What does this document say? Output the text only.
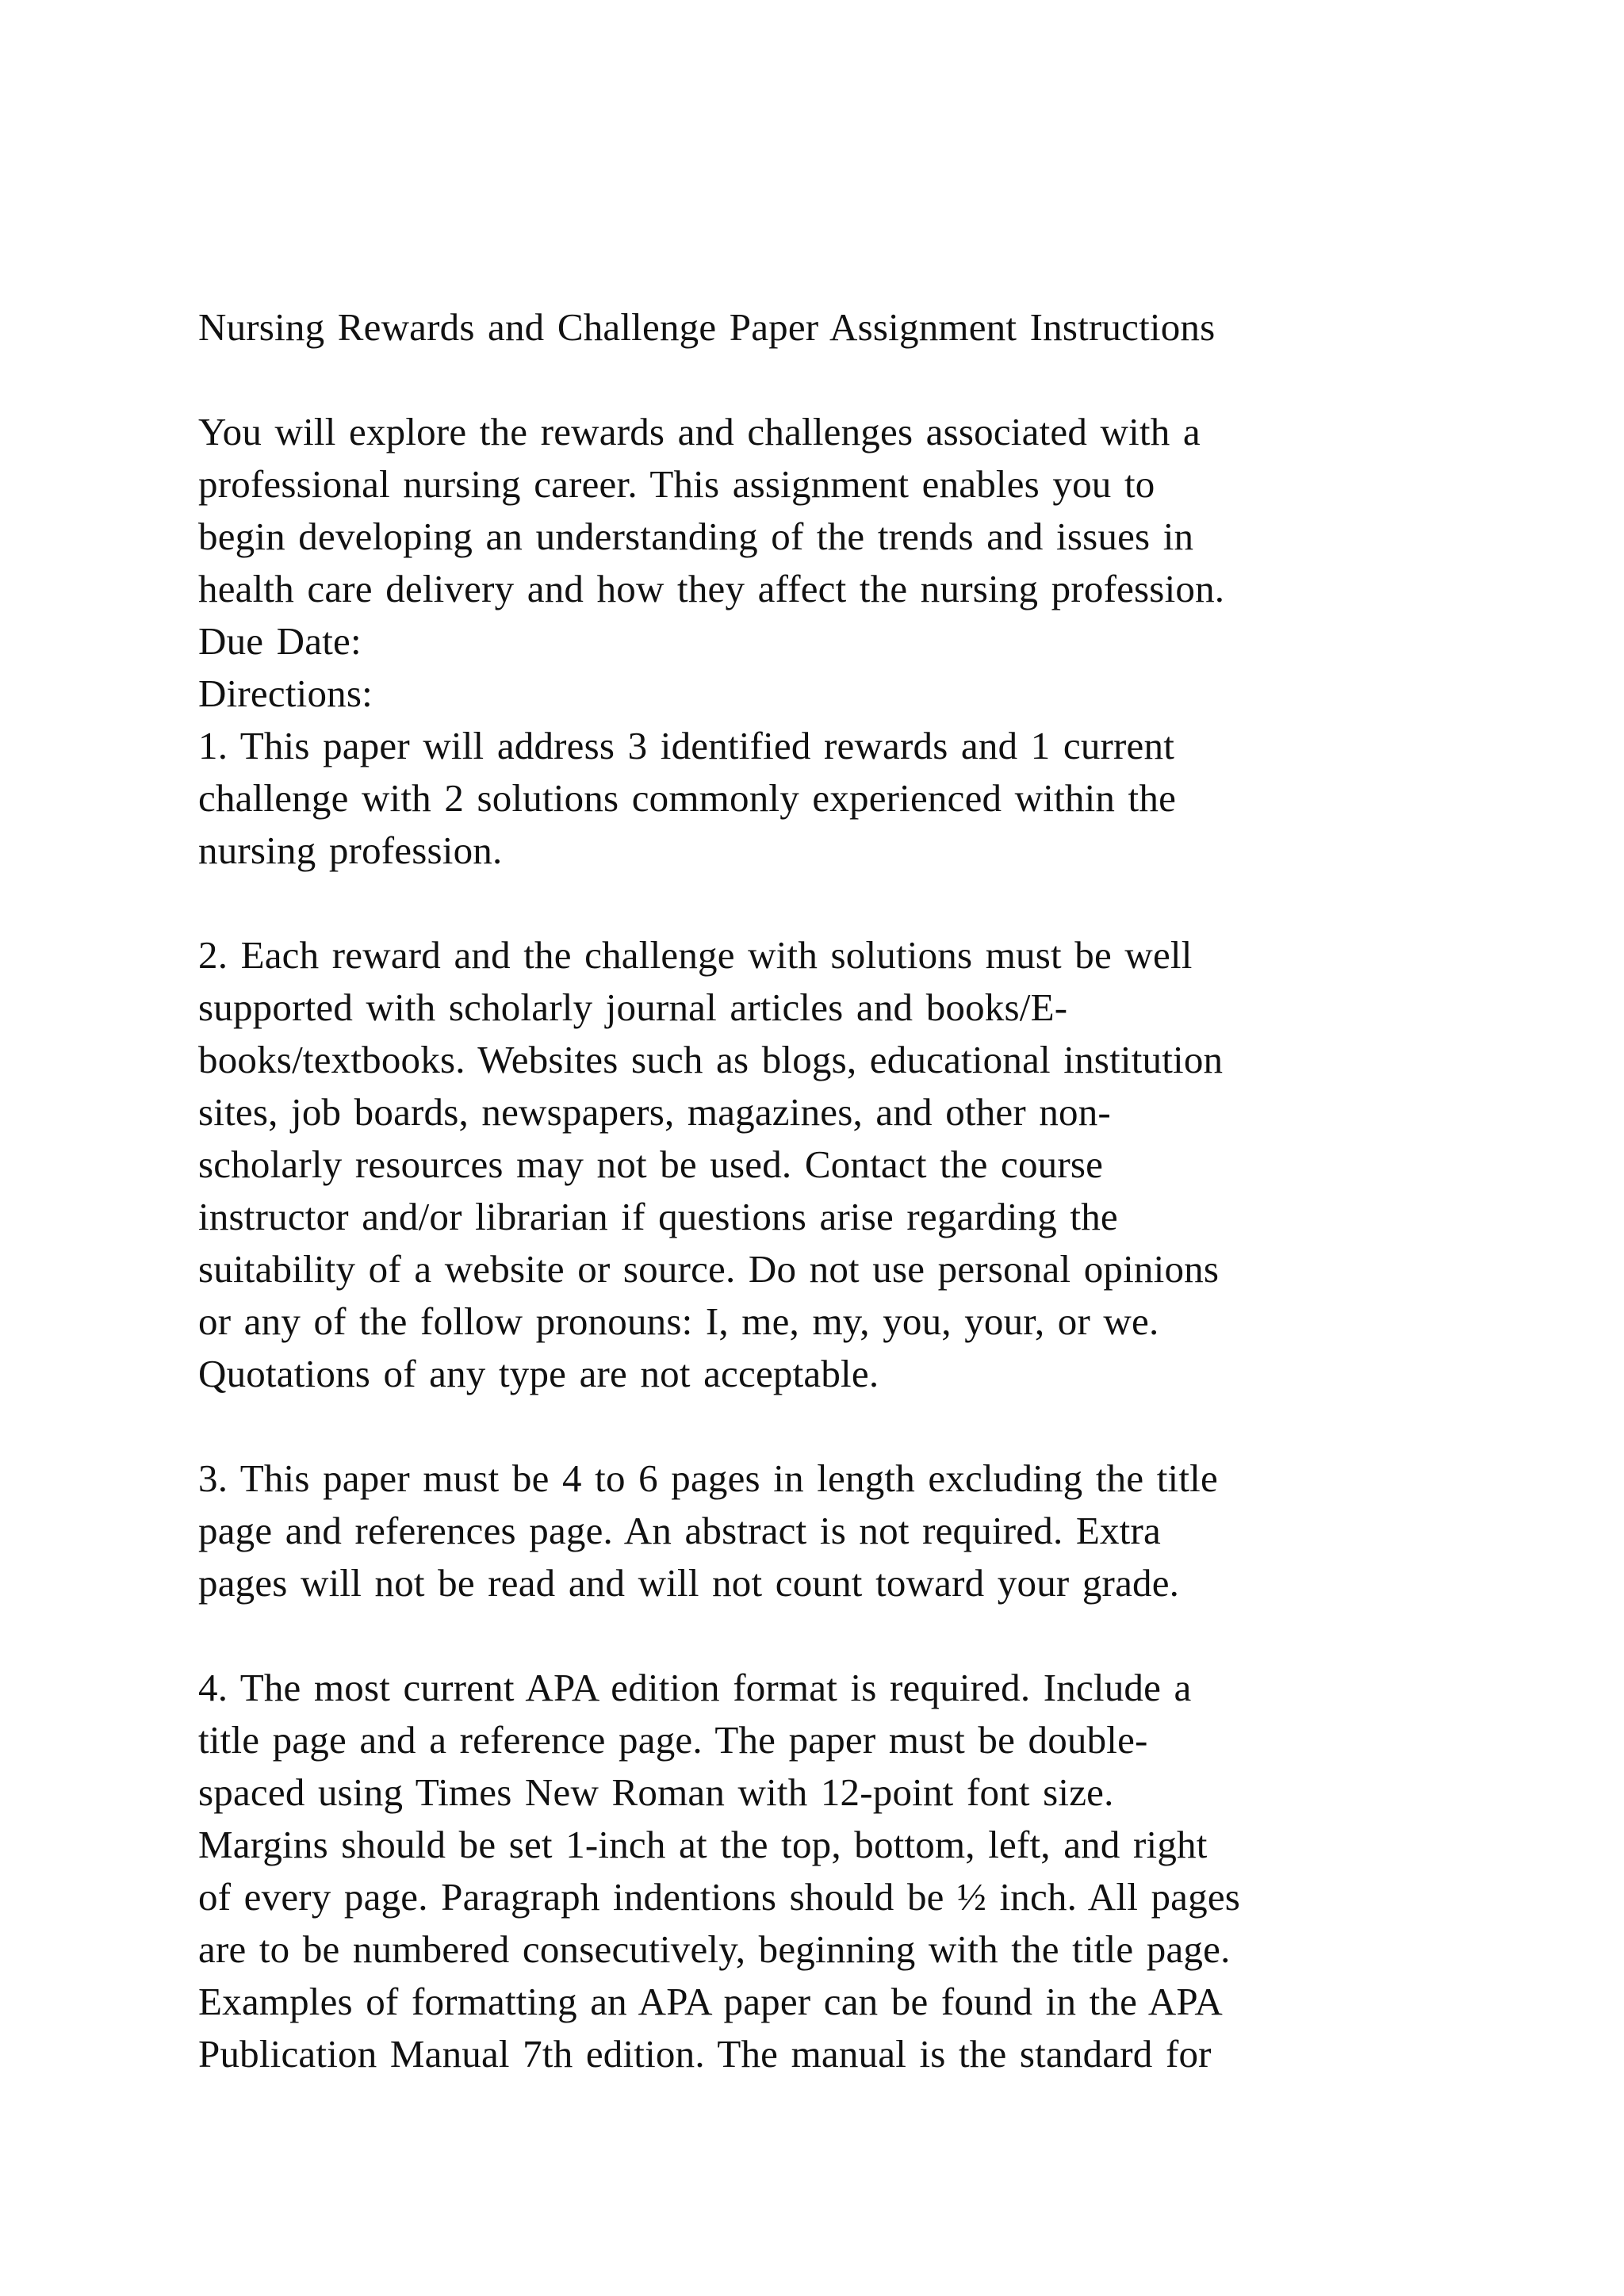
Nursing Rewards and Challenge Paper Assignment Instructions
You will explore the rewards and challenges associated with a
professional nursing career. This assignment enables you to
begin developing an understanding of the trends and issues in
health care delivery and how they affect the nursing profession.
Due Date:
Directions:
1. This paper will address 3 identified rewards and 1 current
challenge with 2 solutions commonly experienced within the
nursing profession.
2. Each reward and the challenge with solutions must be well
supported with scholarly journal articles and books/E-
books/textbooks. Websites such as blogs, educational institution
sites, job boards, newspapers, magazines, and other non-
scholarly resources may not be used. Contact the course
instructor and/or librarian if questions arise regarding the
suitability of a website or source. Do not use personal opinions
or any of the follow pronouns: I, me, my, you, your, or we.
Quotations of any type are not acceptable.
3. This paper must be 4 to 6 pages in length excluding the title
page and references page. An abstract is not required. Extra
pages will not be read and will not count toward your grade.
4. The most current APA edition format is required. Include a
title page and a reference page. The paper must be double-
spaced using Times New Roman with 12-point font size.
Margins should be set 1-inch at the top, bottom, left, and right
of every page. Paragraph indentions should be ½ inch. All pages
are to be numbered consecutively, beginning with the title page.
Examples of formatting an APA paper can be found in the APA
Publication Manual 7th edition. The manual is the standard for
